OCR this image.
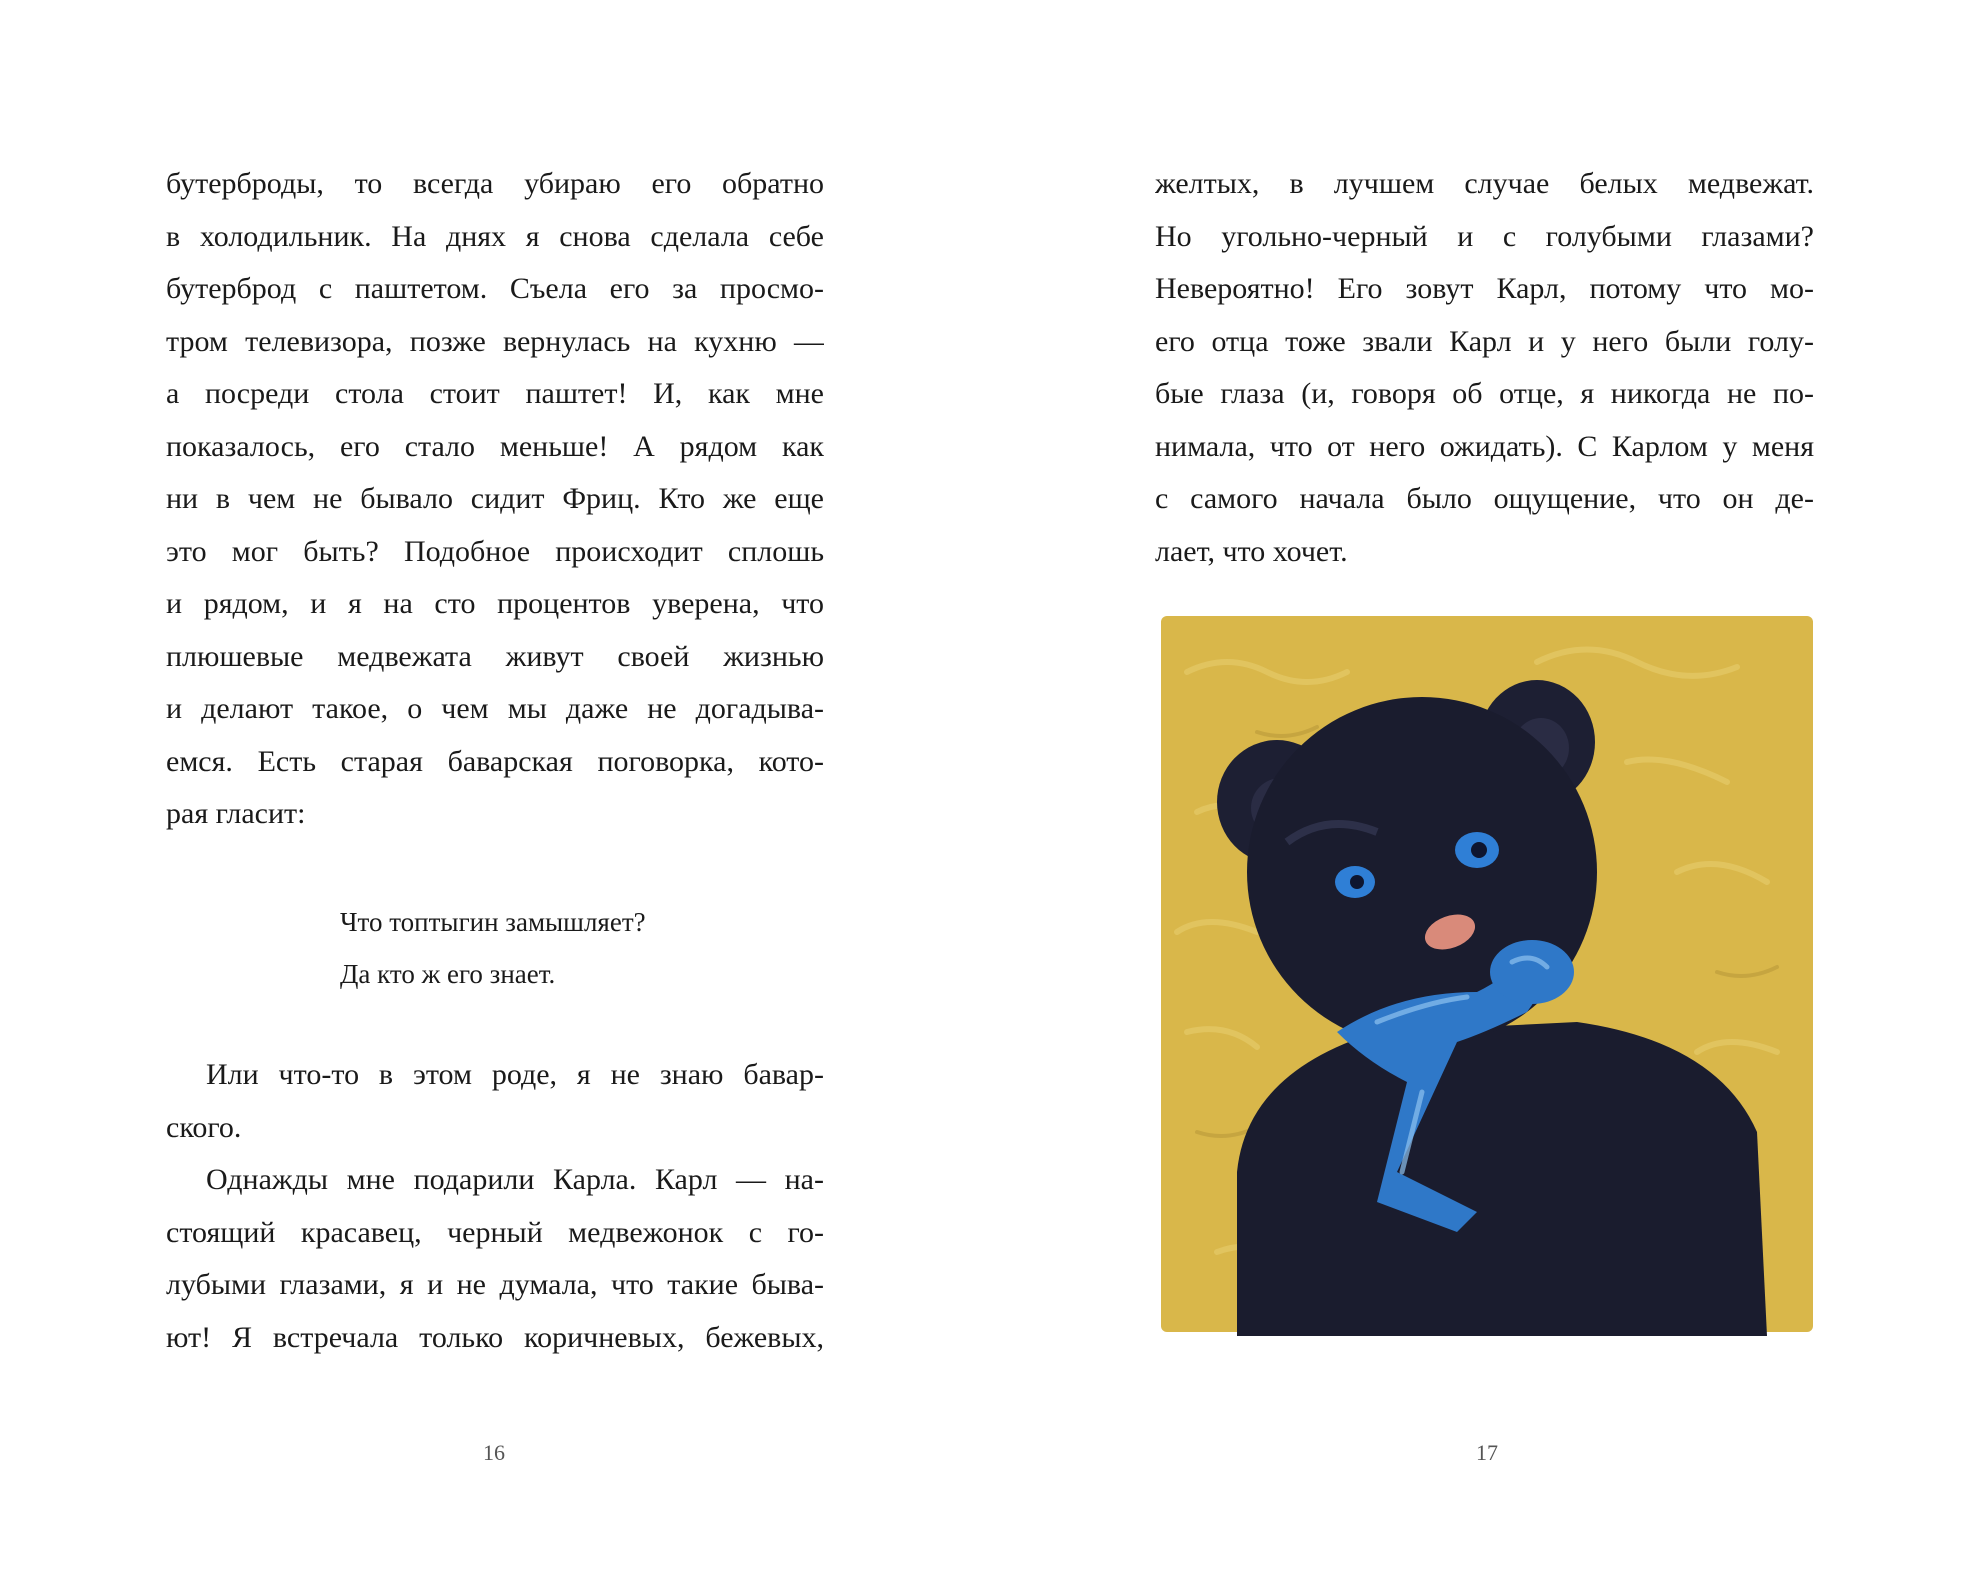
бутерброды, то всегда убираю его обратно
в холодильник. На днях я снова сделала себе
бутерброд с паштетом. Съела его за просмо-
тром телевизора, позже вернулась на кухню —
а посреди стола стоит паштет! И, как мне
показалось, его стало меньше! А рядом как
ни в чем не бывало сидит Фриц. Кто же еще
это мог быть? Подобное происходит сплошь
и рядом, и я на сто процентов уверена, что
плюшевые медвежата живут своей жизнью
и делают такое, о чем мы даже не догадыва-
емся. Есть старая баварская поговорка, кото-
рая гласит:
Что топтыгин замышляет?
Да кто ж его знает.
Или что-то в этом роде, я не знаю бавар-
ского.
Однажды мне подарили Карла. Карл — на-
стоящий красавец, черный медвежонок с го-
лубыми глазами, я и не думала, что такие быва-
ют! Я встречала только коричневых, бежевых,
16
желтых, в лучшем случае белых медвежат.
Но угольно-черный и с голубыми глазами?
Невероятно! Его зовут Карл, потому что мо-
его отца тоже звали Карл и у него были голу-
бые глаза (и, говоря об отце, я никогда не по-
нимала, что от него ожидать). С Карлом у меня
с самого начала было ощущение, что он де-
лает, что хочет.
17
